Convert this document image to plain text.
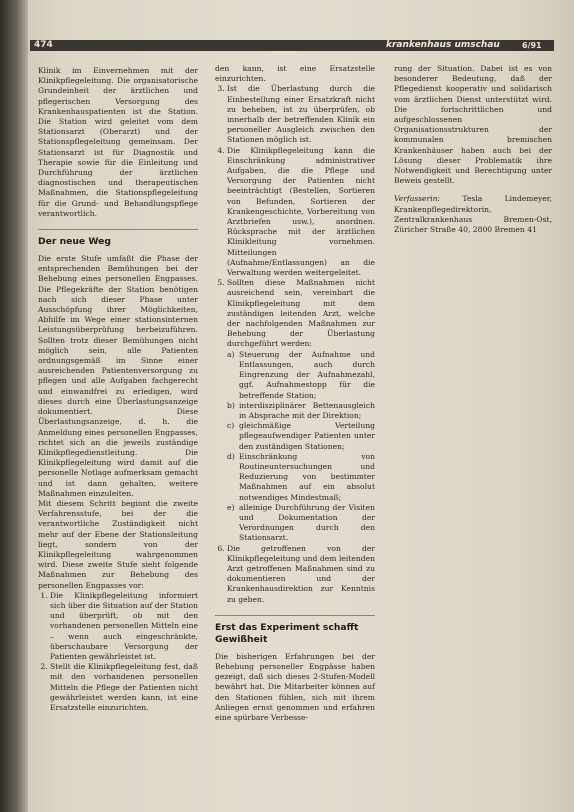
474	krankenhaus umschau	6/91

Klinik im Einvernehmen mit der Klinikpflegeleitung. Die organisatorische Grundeinheit der ärztlichen und pflegerischen Versorgung des Krankenhauspatienten ist die Station. Die Station wird geleitet vom dem Stationsarzt (Oberarzt) und der Stationspflegeleitung gemeinsam. Der Stationsarzt ist für Diagnostik und Therapie sowie für die Einleitung und Durchführung der ärztlichen diagnostischen und therapeutischen Maßnahmen, die Stationspflegeleitung für die Grund- und Behandlungspflege verantwortlich.

Der neue Weg

Die erste Stufe umfaßt die Phase der entsprechenden Bemühungen bei der Behebung eines personellen Engpasses. Die Pflegekräfte der Station benötigen nach sich dieser Phase unter Ausschöpfung ihrer Möglichkeiten, Abhilfe im Wege einer stationsinternen Leistungsüberprüfung herbeizuführen. Sollten trotz dieser Bemühungen nicht möglich sein, alle Patienten ordnungsgemäß im Sinne einer ausreichenden Patientenversorgung zu pflegen und alle Aufgaben fachgerecht und einwandfrei zu erledigen, wird dieses durch eine Überlastungsanzeige dokumentiert. Diese Überlastungsanzeige, d. h. die Anmeldung eines personellen Engpasses, richtet sich an die jeweils zuständige Klinikpflegedienstleitung. Die Klinikpflegeleitung wird damit auf die personelle Notlage aufmerksam gemacht und ist dann gehalten, weitere Maßnahmen einzuleiten.

Mit diesem Schritt beginnt die zweite Verfahrensstufe, bei der die verantwortliche Zuständigkeit nicht mehr auf der Ebene der Stationsleitung liegt, sondern von der Klinikpflegeleitung wahrgenommen wird. Diese zweite Stufe sieht folgende Maßnahmen zur Behebung des personellen Engpasses vor:

1. Die Klinikpflegeleitung informiert sich über die Situation auf der Station und überprüft, ob mit den vorhandenen personellen Mitteln eine – wenn auch eingeschränkte, überschaubare Versorgung der Patienten gewährleistet ist.
2. Stellt die Klinikpflegeleitung fest, daß mit den vorhandenen personellen Mitteln die Pflege der Patienten nicht gewährleistet werden kann, ist eine Ersatzstelle einzurichten.

den kann, ist eine Ersatzstelle einzurichten.

3. Ist die Überlastung durch die Einbestellung einer Ersatzkraft nicht zu beheben, ist zu überprüfen, ob innerhalb der betreffenden Klinik ein personeller Ausgleich zwischen den Stationen möglich ist.
4. Die Klinikpflegeleitung kann die Einschränkung administrativer Aufgaben, die die Pflege und Versorgung der Patienten nicht beeinträchtigt (Bestellen, Sortieren von Befunden, Sortieren der Krankengeschichte, Vorbereitung von Arztbriefen usw.), anordnen. Rücksprache mit der ärztlichen Klinikleitung vornehmen. Mitteilungen (Aufnahme/Entlassungen) an die Verwaltung werden weitergeleitet.
5. Sollten diese Maßnahmen nicht ausreichend sein, vereinbart die Klinikpflegeleitung mit dem zuständigen leitenden Arzt, welche der nachfolgenden Maßnahmen zur Behebung der Überlastung durchgeführt werden:
a) Steuerung der Aufnahme und Entlassungen, auch durch Eingrenzung der Aufnahmezahl, ggf. Aufnahmestopp für die betreffende Station;
b) interdisziplinärer Bettenausgleich in Absprache mit der Direktion;
c) gleichmäßige Verteilung pflegeaufwendiger Patienten unter den zuständigen Stationen;
d) Einschränkung von Routineuntersuchungen und Reduzierung von bestimmter Maßnahmen auf ein absolut notwendiges Mindestmaß;
e) alleinige Durchführung der Visiten und Dokumentation der Verordnungen durch den Stationsarzt.
6. Die getroffenen von der Klinikpflegeleitung und dem leitenden Arzt getroffenen Maßnahmen sind zu dokumentieren und der Krankenhausdirektion zur Kenntnis zu geben.
Erst das Experiment schafft Gewißheit

Die bisherigen Erfahrungen bei der Behebung personeller Engpässe haben gezeigt, daß sich dieses 2-Stufen-Modell bewährt hat. Die Mitarbeiter können auf den Stationen fühlen, sich mit ihrem Anliegen ernst genommen und erfahren eine spürbare Verbesse-

rung der Situation. Dabei ist es von besonderer Bedeutung, daß der Pflegedienst kooperativ und solidarisch vom ärztlichen Dienst unterstützt wird. Die fortschrittlichen und aufgeschlossenen Organisationsstrukturen der kommunalen bremischen Krankenhäuser haben auch bei der Lösung dieser Problematik ihre Notwendigkeit und Berechtigung unter Beweis gestellt.

Verfasserin:	Tesla Lindemeyer, Krankenpflegedirektorin, Zentralkrankenhaus Bremen-Ost, Züricher Straße 40, 2800 Bremen 41
